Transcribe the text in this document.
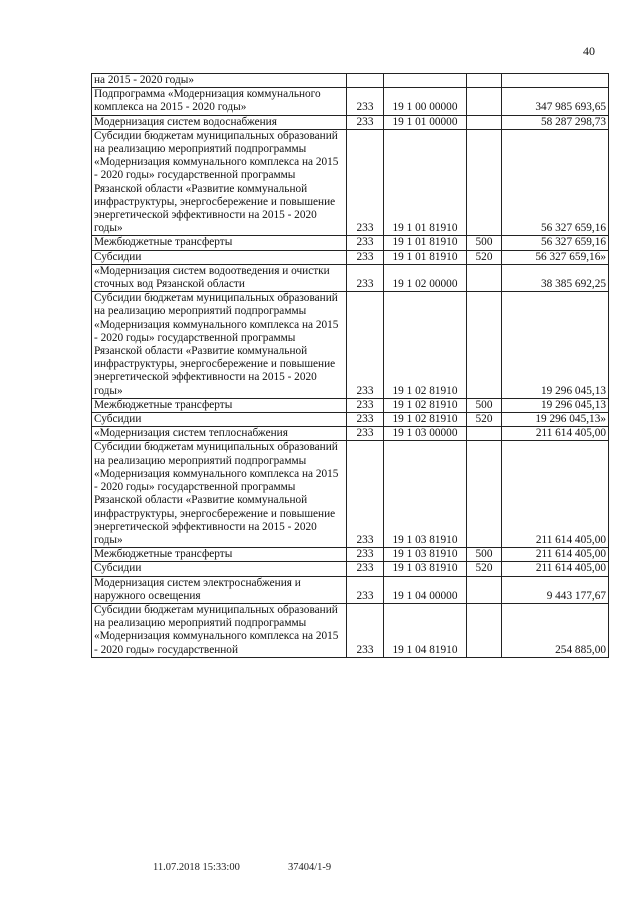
40
на 2015 - 2020 годы»				
Подпрограмма «Модернизация коммунального комплекса на 2015 - 2020 годы»	233	19 1 00 00000		347 985 693,65
Модернизация систем водоснабжения	233	19 1 01 00000		58 287 298,73
Субсидии бюджетам муниципальных образований на реализацию мероприятий подпрограммы «Модернизация коммунального комплекса на 2015 - 2020 годы» государственной программы Рязанской области «Развитие коммунальной инфраструктуры, энергосбережение и повышение энергетической эффективности на 2015 - 2020 годы»	233	19 1 01 81910		56 327 659,16
Межбюджетные трансферты	233	19 1 01 81910	500	56 327 659,16
Субсидии	233	19 1 01 81910	520	56 327 659,16»
«Модернизация систем водоотведения и очистки сточных вод Рязанской области	233	19 1 02 00000		38 385 692,25
Субсидии бюджетам муниципальных образований на реализацию мероприятий подпрограммы «Модернизация коммунального комплекса на 2015 - 2020 годы» государственной программы Рязанской области «Развитие коммунальной инфраструктуры, энергосбережение и повышение энергетической эффективности на 2015 - 2020 годы»	233	19 1 02 81910		19 296 045,13
Межбюджетные трансферты	233	19 1 02 81910	500	19 296 045,13
Субсидии	233	19 1 02 81910	520	19 296 045,13»
«Модернизация систем теплоснабжения	233	19 1 03 00000		211 614 405,00
Субсидии бюджетам муниципальных образований на реализацию мероприятий подпрограммы «Модернизация коммунального комплекса на 2015 - 2020 годы» государственной программы Рязанской области «Развитие коммунальной инфраструктуры, энергосбережение и повышение энергетической эффективности на 2015 - 2020 годы»	233	19 1 03 81910		211 614 405,00
Межбюджетные трансферты	233	19 1 03 81910	500	211 614 405,00
Субсидии	233	19 1 03 81910	520	211 614 405,00
Модернизация систем электроснабжения и наружного освещения	233	19 1 04 00000		9 443 177,67
Субсидии бюджетам муниципальных образований на реализацию мероприятий подпрограммы «Модернизация коммунального комплекса на 2015 - 2020 годы» государственной	233	19 1 04 81910		254 885,00
11.07.2018 15:33:00	37404/1-9
